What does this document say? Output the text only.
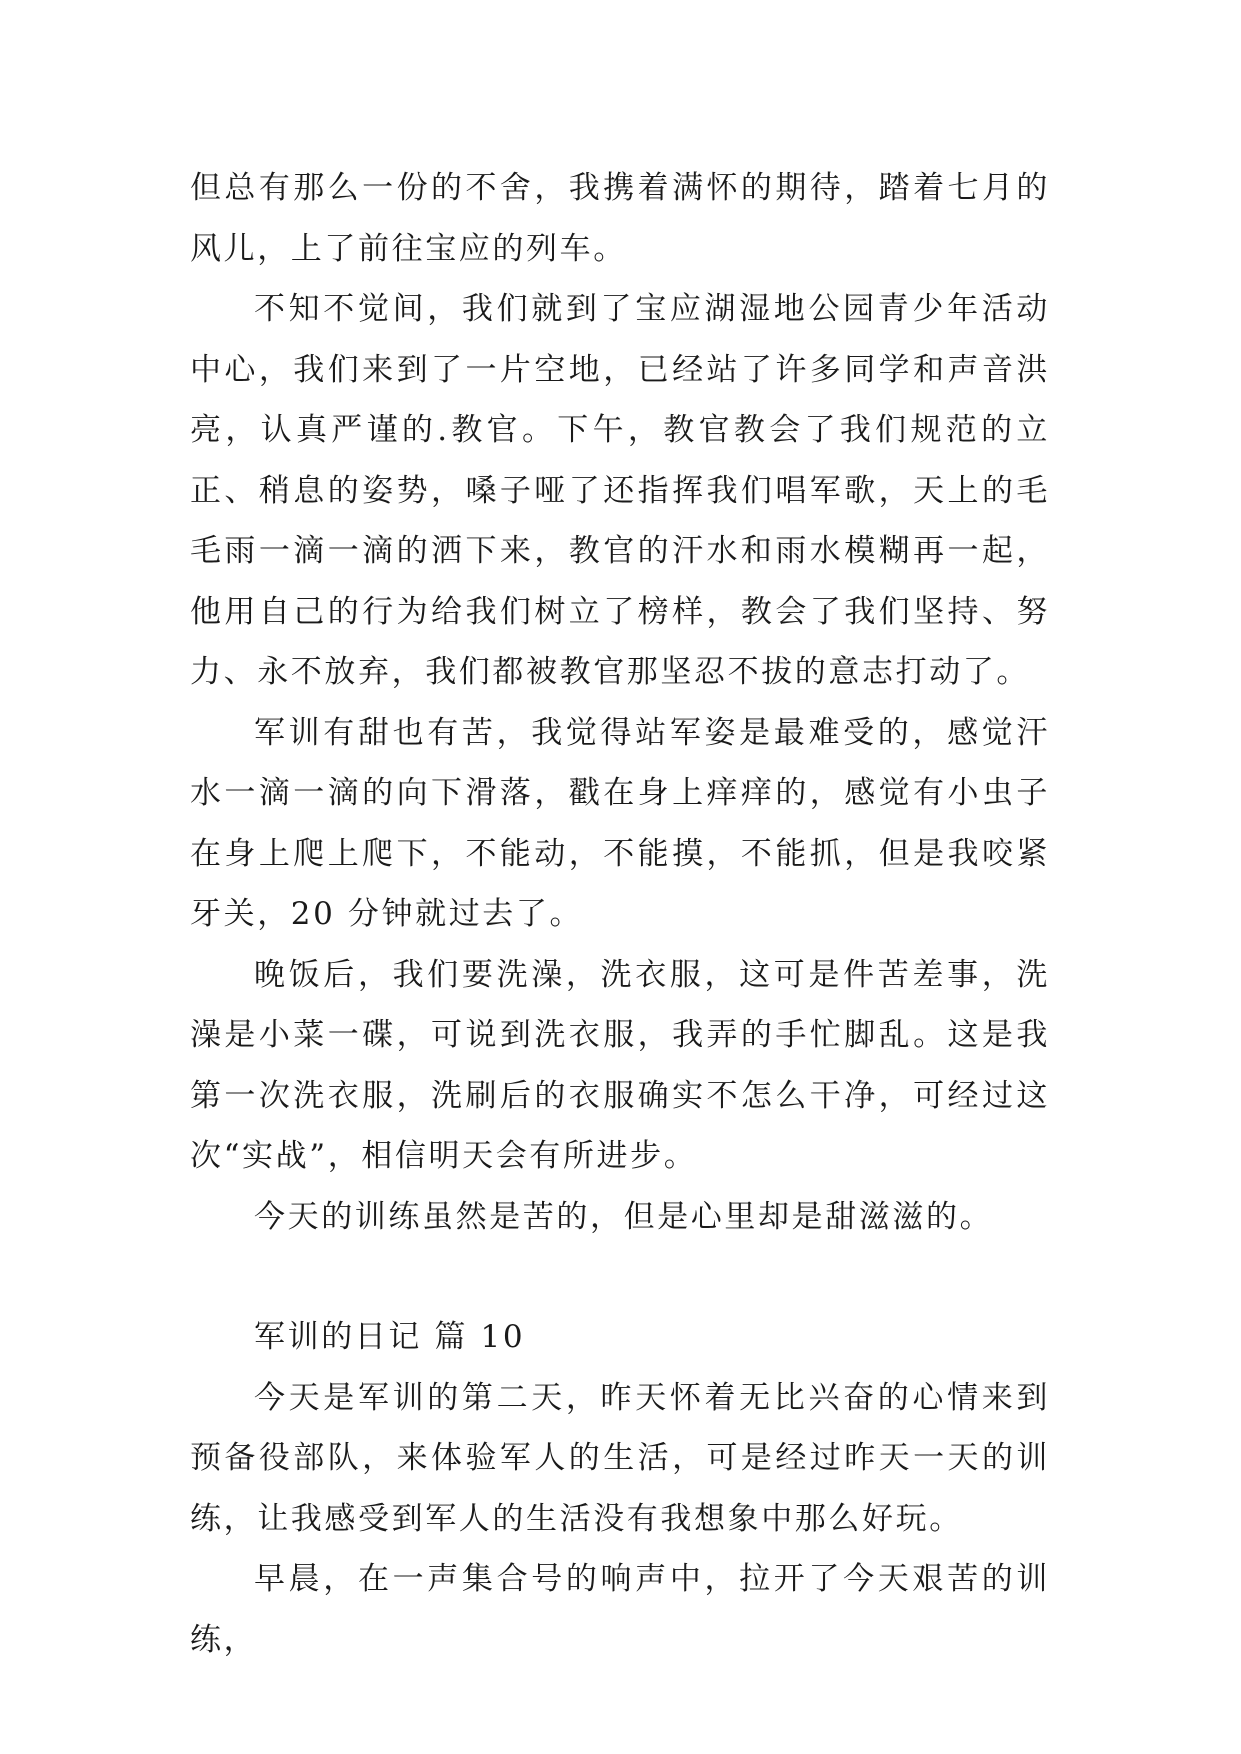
但总有那么一份的不舍，我携着满怀的期待，踏着七月的风儿，上了前往宝应的列车。

不知不觉间，我们就到了宝应湖湿地公园青少年活动中心，我们来到了一片空地，已经站了许多同学和声音洪亮，认真严谨的.教官。下午，教官教会了我们规范的立正、稍息的姿势，嗓子哑了还指挥我们唱军歌，天上的毛毛雨一滴一滴的洒下来，教官的汗水和雨水模糊再一起，他用自己的行为给我们树立了榜样，教会了我们坚持、努力、永不放弃，我们都被教官那坚忍不拔的意志打动了。

军训有甜也有苦，我觉得站军姿是最难受的，感觉汗水一滴一滴的向下滑落，戳在身上痒痒的，感觉有小虫子在身上爬上爬下，不能动，不能摸，不能抓，但是我咬紧牙关，20 分钟就过去了。

晚饭后，我们要洗澡，洗衣服，这可是件苦差事，洗澡是小菜一碟，可说到洗衣服，我弄的手忙脚乱。这是我第一次洗衣服，洗刷后的衣服确实不怎么干净，可经过这次“实战”，相信明天会有所进步。

今天的训练虽然是苦的，但是心里却是甜滋滋的。

军训的日记 篇 10

今天是军训的第二天，昨天怀着无比兴奋的心情来到预备役部队，来体验军人的生活，可是经过昨天一天的训练，让我感受到军人的生活没有我想象中那么好玩。

早晨，在一声集合号的响声中，拉开了今天艰苦的训练，
